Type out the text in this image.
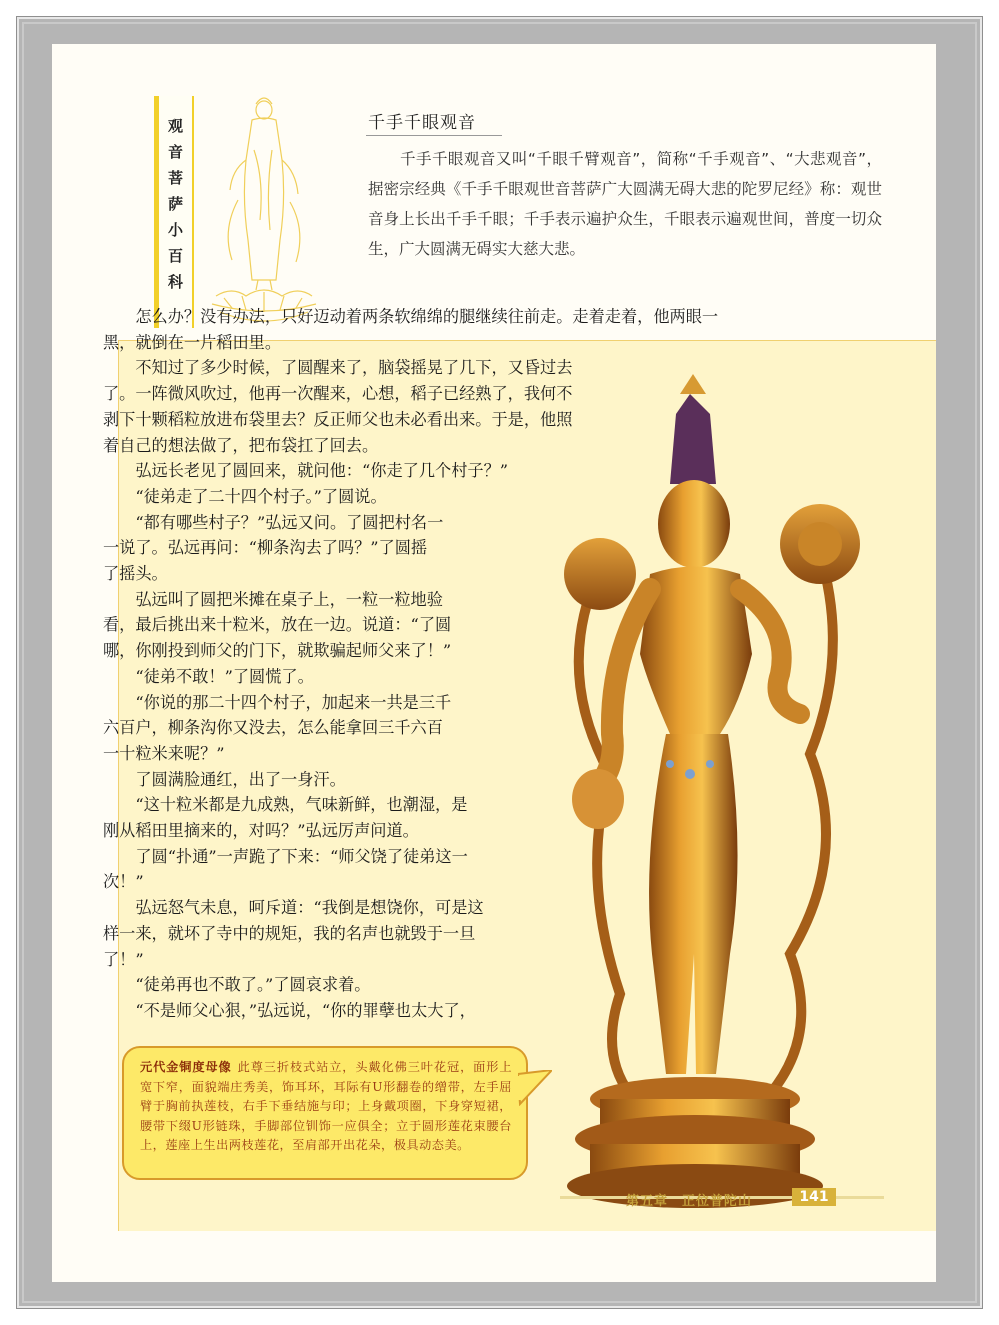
观音菩萨小百科	千手千眼观音
千手千眼观音又叫“千眼千臂观音”，简称“千手观音”、“大悲观音”，据密宗经典《千手千眼观世音菩萨广大圆满无碍大悲的陀罗尼经》称：观世音身上长出千手千眼；千手表示遍护众生，千眼表示遍观世间，普度一切众生，广大圆满无碍实大慈大悲。
　　怎么办？没有办法，只好迈动着两条软绵绵的腿继续往前走。走着走着，他两眼一
黑，就倒在一片稻田里。
　　不知过了多少时候，了圆醒来了，脑袋摇晃了几下，又昏过去
了。一阵微风吹过，他再一次醒来，心想，稻子已经熟了，我何不
剥下十颗稻粒放进布袋里去？反正师父也未必看出来。于是，他照
着自己的想法做了，把布袋扛了回去。
　　弘远长老见了圆回来，就问他：“你走了几个村子？”
　　“徒弟走了二十四个村子。”了圆说。
　　“都有哪些村子？”弘远又问。了圆把村名一
一说了。弘远再问：“柳条沟去了吗？”了圆摇
了摇头。
　　弘远叫了圆把米摊在桌子上，一粒一粒地验
看，最后挑出来十粒米，放在一边。说道：“了圆
哪，你刚投到师父的门下，就欺骗起师父来了！”
　　“徒弟不敢！”了圆慌了。
　　“你说的那二十四个村子，加起来一共是三千
六百户，柳条沟你又没去，怎么能拿回三千六百
一十粒米来呢？”
　　了圆满脸通红，出了一身汗。
　　“这十粒米都是九成熟，气味新鲜，也潮湿，是
刚从稻田里摘来的，对吗？”弘远厉声问道。
　　了圆“扑通”一声跪了下来：“师父饶了徒弟这一
次！”
　　弘远怒气未息，呵斥道：“我倒是想饶你，可是这
样一来，就坏了寺中的规矩，我的名声也就毁于一旦
了！”
　　“徒弟再也不敢了。”了圆哀求着。
　　“不是师父心狠，”弘远说，“你的罪孽也太大了，
元代金铜度母像 此尊三折枝式站立，头戴化佛三叶花冠，面形上宽下窄，面貌端庄秀美，饰耳环，耳际有U形翻卷的缯带，左手屈臂于胸前执莲枝，右手下垂结施与印；上身戴项圈，下身穿短裙，腰带下缀U形链珠，手脚部位钏饰一应俱全；立于圆形莲花束腰台上，莲座上生出两枝莲花，至肩部开出花朵，极具动态美。
第五章　正位普陀山	141
